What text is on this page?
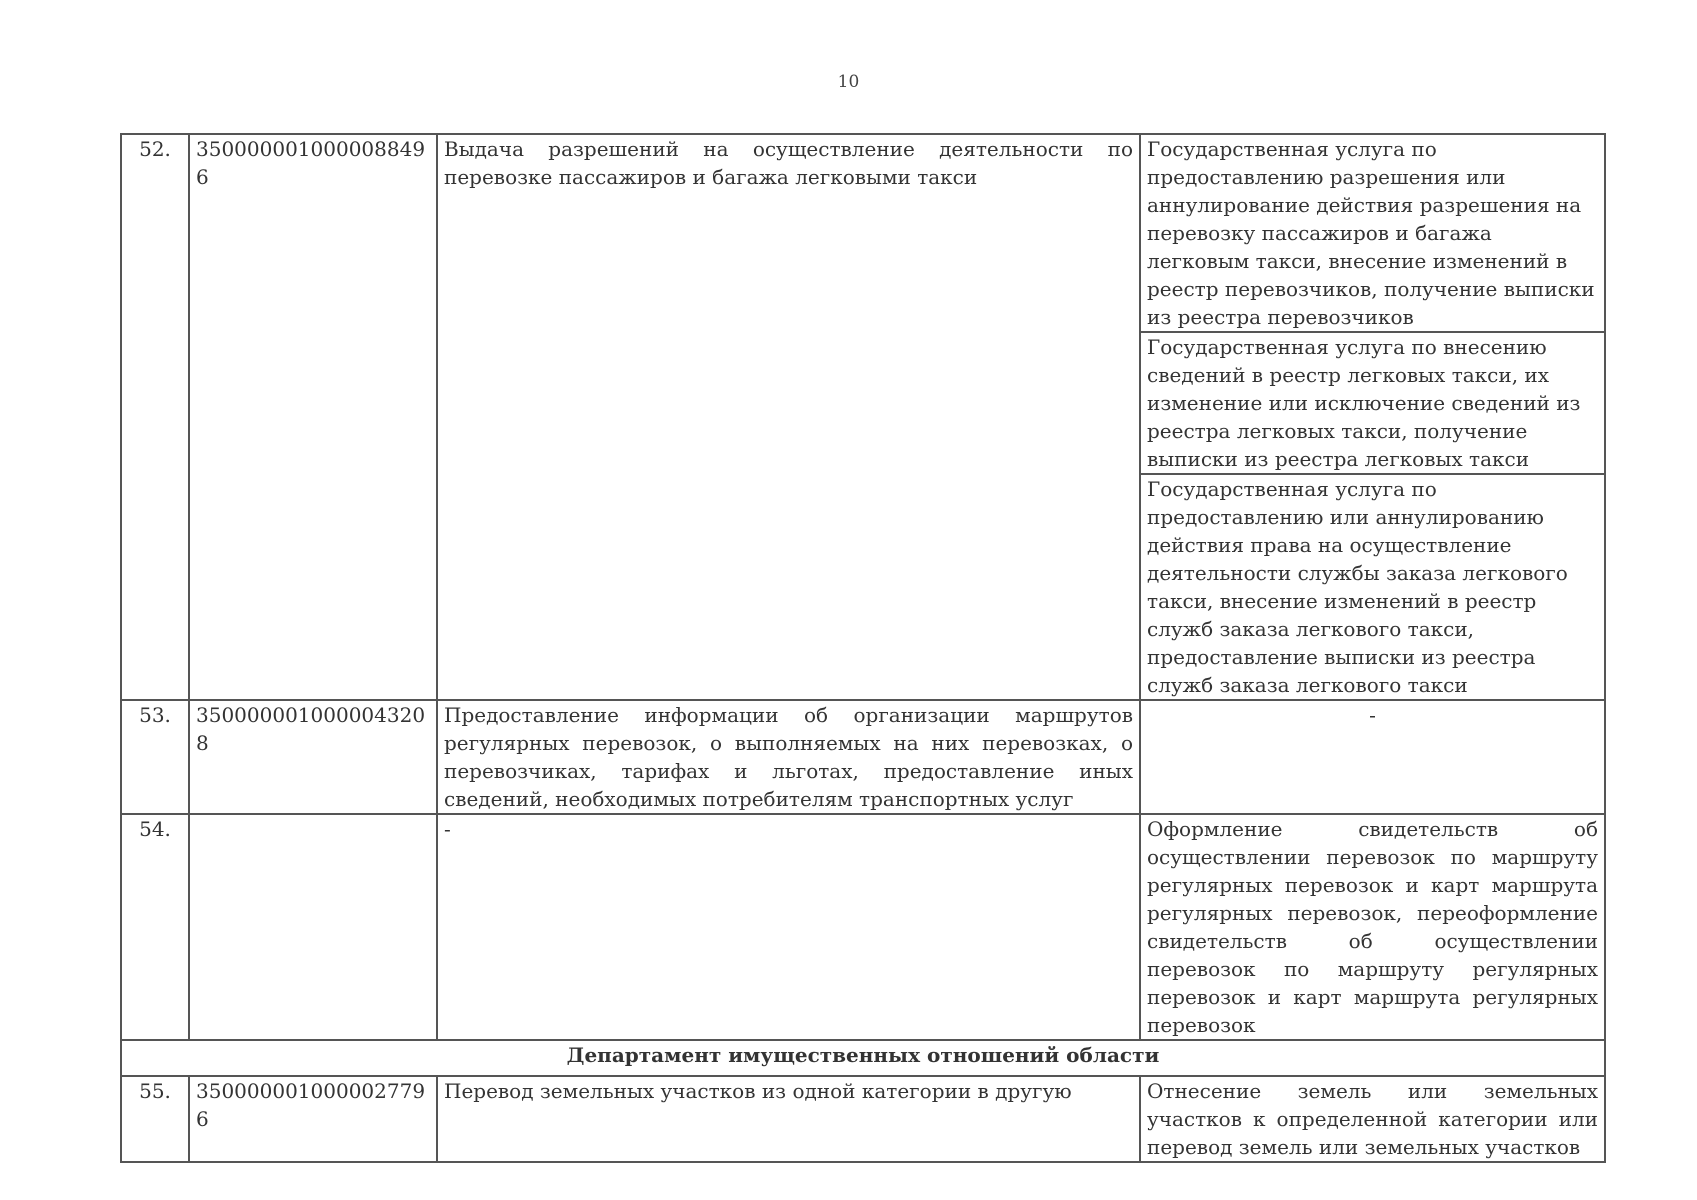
10
52.	350000001000008849 6	Выдача разрешений на осуществление деятельности по перевозке пассажиров и багажа легковыми такси	Государственная услуга по предоставлению разрешения или аннулирование действия разрешения на перевозку пассажиров и багажа легковым такси, внесение изменений в реестр перевозчиков, получение выписки из реестра перевозчиков
			Государственная услуга по внесению сведений в реестр легковых такси, их изменение или исключение сведений из реестра легковых такси, получение выписки из реестра легковых такси
			Государственная услуга по предоставлению или аннулированию действия права на осуществление деятельности службы заказа легкового такси, внесение изменений в реестр служб заказа легкового такси, предоставление выписки из реестра служб заказа легкового такси
53.	350000001000004320 8	Предоставление информации об организации маршрутов регулярных перевозок, о выполняемых на них перевозках, о перевозчиках, тарифах и льготах, предоставление иных сведений, необходимых потребителям транспортных услуг	-
54.		-	Оформление свидетельств об осуществлении перевозок по маршруту регулярных перевозок и карт маршрута регулярных перевозок, переоформление свидетельств об осуществлении перевозок по маршруту регулярных перевозок и карт маршрута регулярных перевозок
Департамент имущественных отношений области			
55.	350000001000002779 6	Перевод земельных участков из одной категории в другую	Отнесение земель или земельных участков к определенной категории или перевод земель или земельных участков
